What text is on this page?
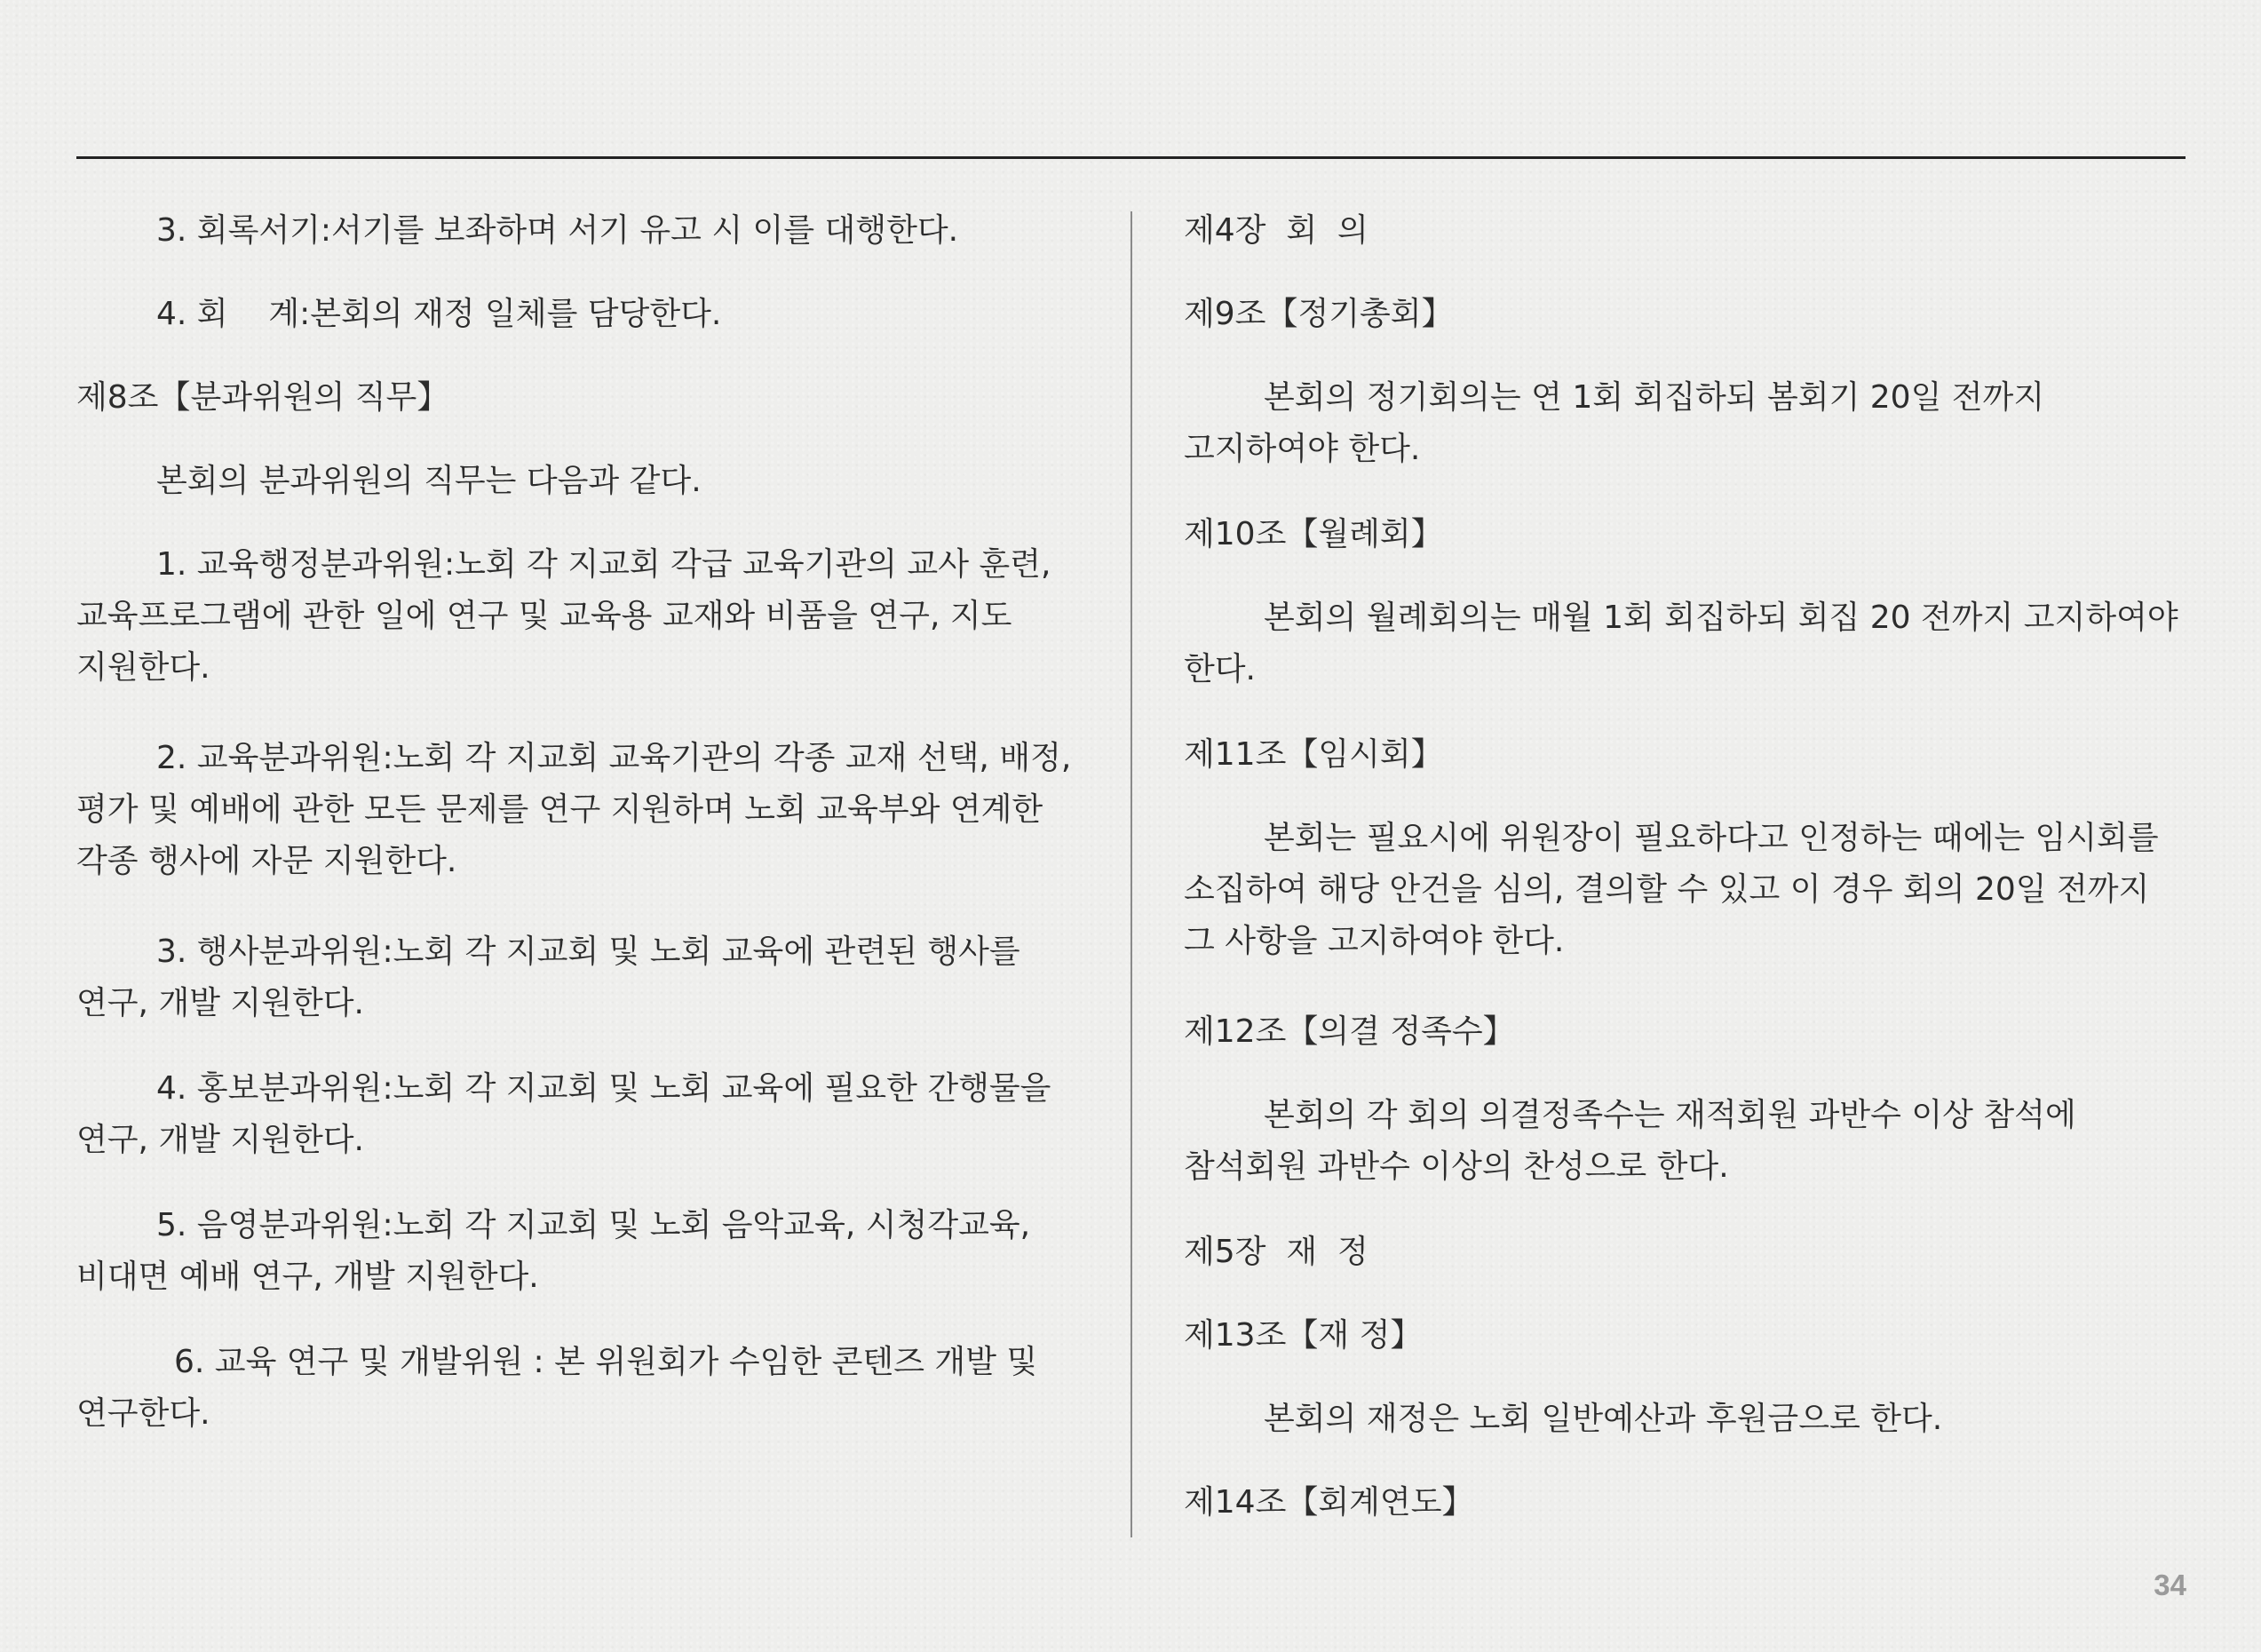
3. 회록서기:서기를 보좌하며 서기 유고 시 이를 대행한다.

4. 회    계:본회의 재정 일체를 담당한다.

제8조【분과위원의 직무】

본회의 분과위원의 직무는 다음과 같다.

1. 교육행정분과위원:노회 각 지교회 각급 교육기관의 교사 훈련, 교육프로그램에 관한 일에 연구 및 교육용 교재와 비품을 연구, 지도 지원한다.

2. 교육분과위원:노회 각 지교회 교육기관의 각종 교재 선택, 배정, 평가 및 예배에 관한 모든 문제를 연구 지원하며 노회 교육부와 연계한 각종 행사에 자문 지원한다.

3. 행사분과위원:노회 각 지교회 및 노회 교육에 관련된 행사를 연구, 개발 지원한다.

4. 홍보분과위원:노회 각 지교회 및 노회 교육에 필요한 간행물을 연구, 개발 지원한다.

5. 음영분과위원:노회 각 지교회 및 노회 음악교육, 시청각교육, 비대면 예배 연구, 개발 지원한다.

6. 교육 연구 및 개발위원 : 본 위원회가 수임한 콘텐즈 개발 및 연구한다.

제4장  회  의

제9조【정기총회】

본회의 정기회의는 연 1회 회집하되 봄회기 20일 전까지 고지하여야 한다.

제10조【월례회】

본회의 월례회의는 매월 1회 회집하되 회집 20 전까지 고지하여야 한다.

제11조【임시회】

본회는 필요시에 위원장이 필요하다고 인정하는 때에는 임시회를 소집하여 해당 안건을 심의, 결의할 수 있고 이 경우 회의 20일 전까지 그 사항을 고지하여야 한다.

제12조【의결 정족수】

본회의 각 회의 의결정족수는 재적회원 과반수 이상 참석에 참석회원 과반수 이상의 찬성으로 한다.

제5장  재  정

제13조【재 정】

본회의 재정은 노회 일반예산과 후원금으로 한다.

제14조【회계연도】

34
